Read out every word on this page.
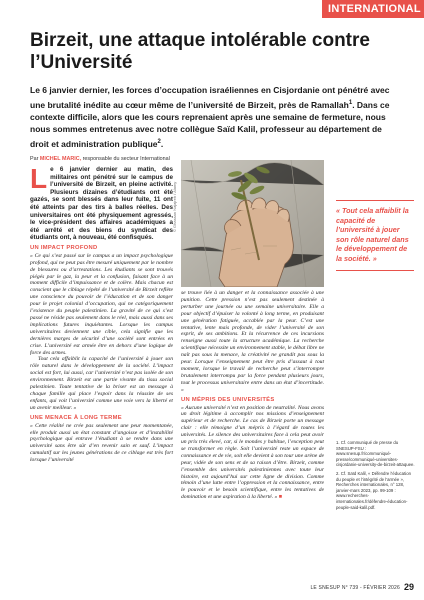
INTERNATIONAL
Birzeit, une attaque intolérable contre l’Université
Le 6 janvier dernier, les forces d’occupation israéliennes en Cisjordanie ont pénétré avec une brutalité inédite au cœur même de l’université de Birzeit, près de Ramallah$^1$. Dans ce contexte difficile, alors que les cours reprenaient après une semaine de fermeture, nous nous sommes entretenus avec notre collègue Saïd Kalil, professeur au département de droit et administration publique$^2$.
Par MICHEL MARIC, responsable du secteur International

Le 6 janvier dernier au matin, des militaires ont pénétré sur le campus de l’université de Birzeit, en pleine activité. Plusieurs dizaines d’étudiants ont été gazés, se sont blessés dans leur fuite, 11 ont été atteints par des tirs à balles réelles. Des universitaires ont été physiquement agressés, le vice-président des affaires académiques a été arrêté et des biens du syndicat des étudiants ont, à nouveau, été confisqués.

UN IMPACT PROFOND

« Ce qui s’est passé sur le campus a un impact psychologique profond, qui ne peut pas être mesuré uniquement par le nombre de blessures ou d’arrestations. Les étudiants se sont trouvés piégés par le gaz, la peur et la confusion, faisant face à un moment difficile d’impuissance et de colère. Mais chacun est conscient que le ciblage répété de l’université de Birzeit reflète une conscience du pouvoir de l’éducation et de son danger pour le projet colonial d’occupation, qui ne catégoriquement l’existence du peuple palestinien. La gravité de ce qui s’est passé ne réside pas seulement dans le réel, mais aussi dans ses implications futures inquiétantes. Lorsque les campus universitaires deviennent une cible, cela signifie que les dernières marges de sécurité d’une société sont entrées en crise. L’université est armée être en dehors d’une logique de force des armes.

Tout cela affaiblit la capacité de l’université à jouer son rôle naturel dans le développement de la société. L’impact social est fort, lui aussi, car l’université n’est pas isolée de son environnement. Birzeit est une partie vivante du tissu social palestinien. Toute tentative de la briser est un message à chaque famille qui place l’espoir dans la réussite de ses enfants, qui voit l’université comme une voie vers la liberté et un avenir meilleur. »

UNE MENACE À LONG TERME

« Cette réalité ne crée pas seulement une peur momentanée, elle produit aussi un état constant d’angoisse et d’instabilité psychologique qui entrave l’étudiant à se rendre dans une université sans être sûr d’en revenir sain et sauf. L’impact cumulatif sur les jeunes générations de ce ciblage est très fort lorsque l’université

© Ghassan Najajreh / Alamy

se trouve liée à un danger et la connaissance associée à une punition. Cette pression n’est pas seulement destinée à perturber une journée ou une semaine universitaire. Elle a pour objectif d’épuiser la volonté à long terme, en produisant une génération fatiguée, accablée par la peur. C’est une tentative, lente mais profonde, de vider l’université de son esprit, de ses ambitions. Et la récurrence de ces incursions renseigne aussi toute la structure académique. La recherche scientifique nécessite un environnement stable, le débat libre ne naît pas sous la menace, la créativité ne grandit pas sous la peur. Lorsque l’enseignement peut être pris d’assaut à tout moment, lorsque le travail de recherche peut s’interrompre brutalement interrompu par la force pendant plusieurs jours, tout le processus universitaire entre dans un état d’incertitude. »

UN MÉPRIS DES UNIVERSITÉS

« Aucune université n’est en position de neutralité. Nous avons un droit légitime à accomplir nos missions d’enseignement supérieur et de recherche. Le cas de Birzeit porte un message clair : elle témoigne d’un mépris à l’égard de toutes les universités. Le silence des universitaires face à cela peut avoir un prix très élevé, car, si le mondes y habitue, l’exception peut se transformer en règle. Soit l’université reste un espace de connaissance et de vie, soit elle devient à son tour une arène de peur, vidée de son sens et de sa raison d’être. Birzeit, comme l’ensemble des universités palestiniennes avec toute leur histoire, est aujourd’hui sur cette ligne de division. Comme témoin d’une lutte entre l’oppression et la connaissance, entre le pouvoir et le besoin scientifique, entre les tentatives de domination et une aspiration à la liberté. » ■

« Tout cela affaiblit la capacité de l’université à jouer son rôle naturel dans le développement de la société. »
1. Cf. communiqué de presse du SNESUP-FSU : www.snesup.fr/communiqué-presse/communiqué-universites-cisjordanie-university-de-birzeit-attaquee.
2. Cf. Saïd Kalil, « Défendre l’éducation du peuple et l’intégrité de l’armée », Recherches internationales, n° 128, janvier-mars 2023, pp. 99-109 : www.recherches-internationales.fr/défendre-éducation-peuple-said-kalil.pdf.
LE SNESUP N° 739 - FÉVRIER 2026 29
